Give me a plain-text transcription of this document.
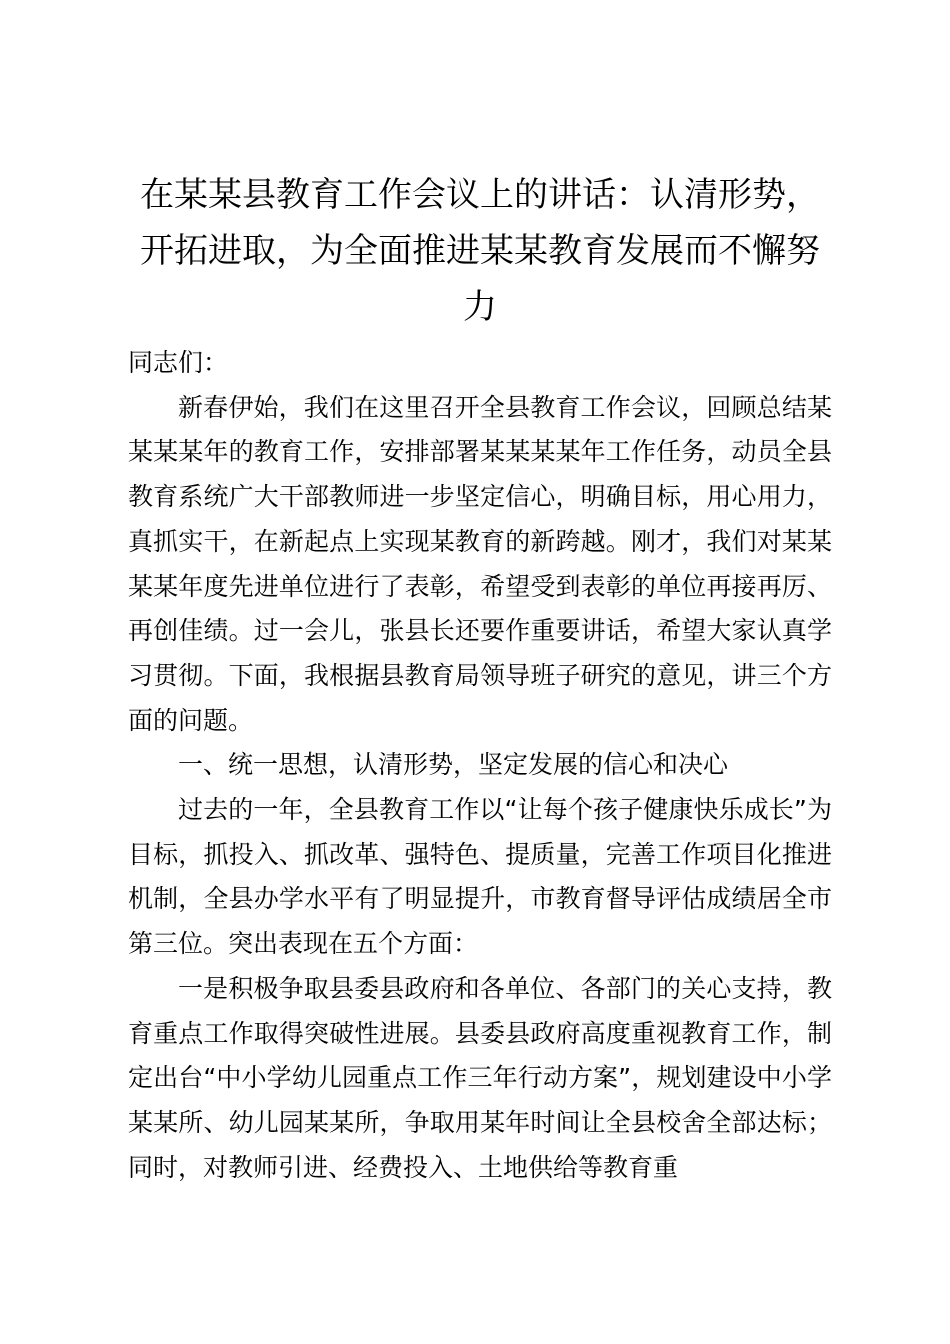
在某某县教育工作会议上的讲话：认清形势，开拓进取，为全面推进某某教育发展而不懈努力

同志们：

新春伊始，我们在这里召开全县教育工作会议，回顾总结某某某某年的教育工作，安排部署某某某某年工作任务，动员全县教育系统广大干部教师进一步坚定信心，明确目标，用心用力，真抓实干，在新起点上实现某教育的新跨越。刚才，我们对某某某某年度先进单位进行了表彰，希望受到表彰的单位再接再厉、再创佳绩。过一会儿，张县长还要作重要讲话，希望大家认真学习贯彻。下面，我根据县教育局领导班子研究的意见，讲三个方面的问题。

一、统一思想，认清形势，坚定发展的信心和决心

过去的一年，全县教育工作以“让每个孩子健康快乐成长”为目标，抓投入、抓改革、强特色、提质量，完善工作项目化推进机制，全县办学水平有了明显提升，市教育督导评估成绩居全市第三位。突出表现在五个方面：

一是积极争取县委县政府和各单位、各部门的关心支持，教育重点工作取得突破性进展。县委县政府高度重视教育工作，制定出台“中小学幼儿园重点工作三年行动方案”，规划建设中小学某某所、幼儿园某某所，争取用某年时间让全县校舍全部达标；同时，对教师引进、经费投入、土地供给等教育重
